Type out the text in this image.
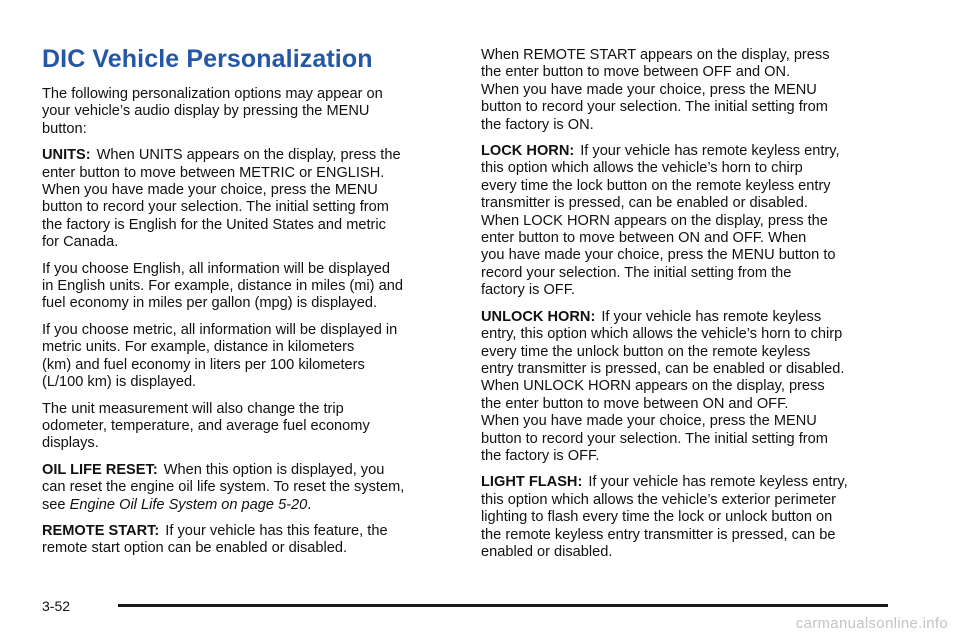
DIC Vehicle Personalization

The following personalization options may appear on
your vehicle’s audio display by pressing the MENU
button:

UNITS: When UNITS appears on the display, press the
enter button to move between METRIC or ENGLISH.
When you have made your choice, press the MENU
button to record your selection. The initial setting from
the factory is English for the United States and metric
for Canada.

If you choose English, all information will be displayed
in English units. For example, distance in miles (mi) and
fuel economy in miles per gallon (mpg) is displayed.

If you choose metric, all information will be displayed in
metric units. For example, distance in kilometers
(km) and fuel economy in liters per 100 kilometers
(L/100 km) is displayed.

The unit measurement will also change the trip
odometer, temperature, and average fuel economy
displays.

OIL LIFE RESET: When this option is displayed, you
can reset the engine oil life system. To reset the system,
see Engine Oil Life System on page 5-20.

REMOTE START: If your vehicle has this feature, the
remote start option can be enabled or disabled.

When REMOTE START appears on the display, press
the enter button to move between OFF and ON.
When you have made your choice, press the MENU
button to record your selection. The initial setting from
the factory is ON.

LOCK HORN: If your vehicle has remote keyless entry,
this option which allows the vehicle’s horn to chirp
every time the lock button on the remote keyless entry
transmitter is pressed, can be enabled or disabled.
When LOCK HORN appears on the display, press the
enter button to move between ON and OFF. When
you have made your choice, press the MENU button to
record your selection. The initial setting from the
factory is OFF.

UNLOCK HORN: If your vehicle has remote keyless
entry, this option which allows the vehicle’s horn to chirp
every time the unlock button on the remote keyless
entry transmitter is pressed, can be enabled or disabled.
When UNLOCK HORN appears on the display, press
the enter button to move between ON and OFF.
When you have made your choice, press the MENU
button to record your selection. The initial setting from
the factory is OFF.

LIGHT FLASH: If your vehicle has remote keyless entry,
this option which allows the vehicle’s exterior perimeter
lighting to flash every time the lock or unlock button on
the remote keyless entry transmitter is pressed, can be
enabled or disabled.

3-52
carmanualsonline.info
